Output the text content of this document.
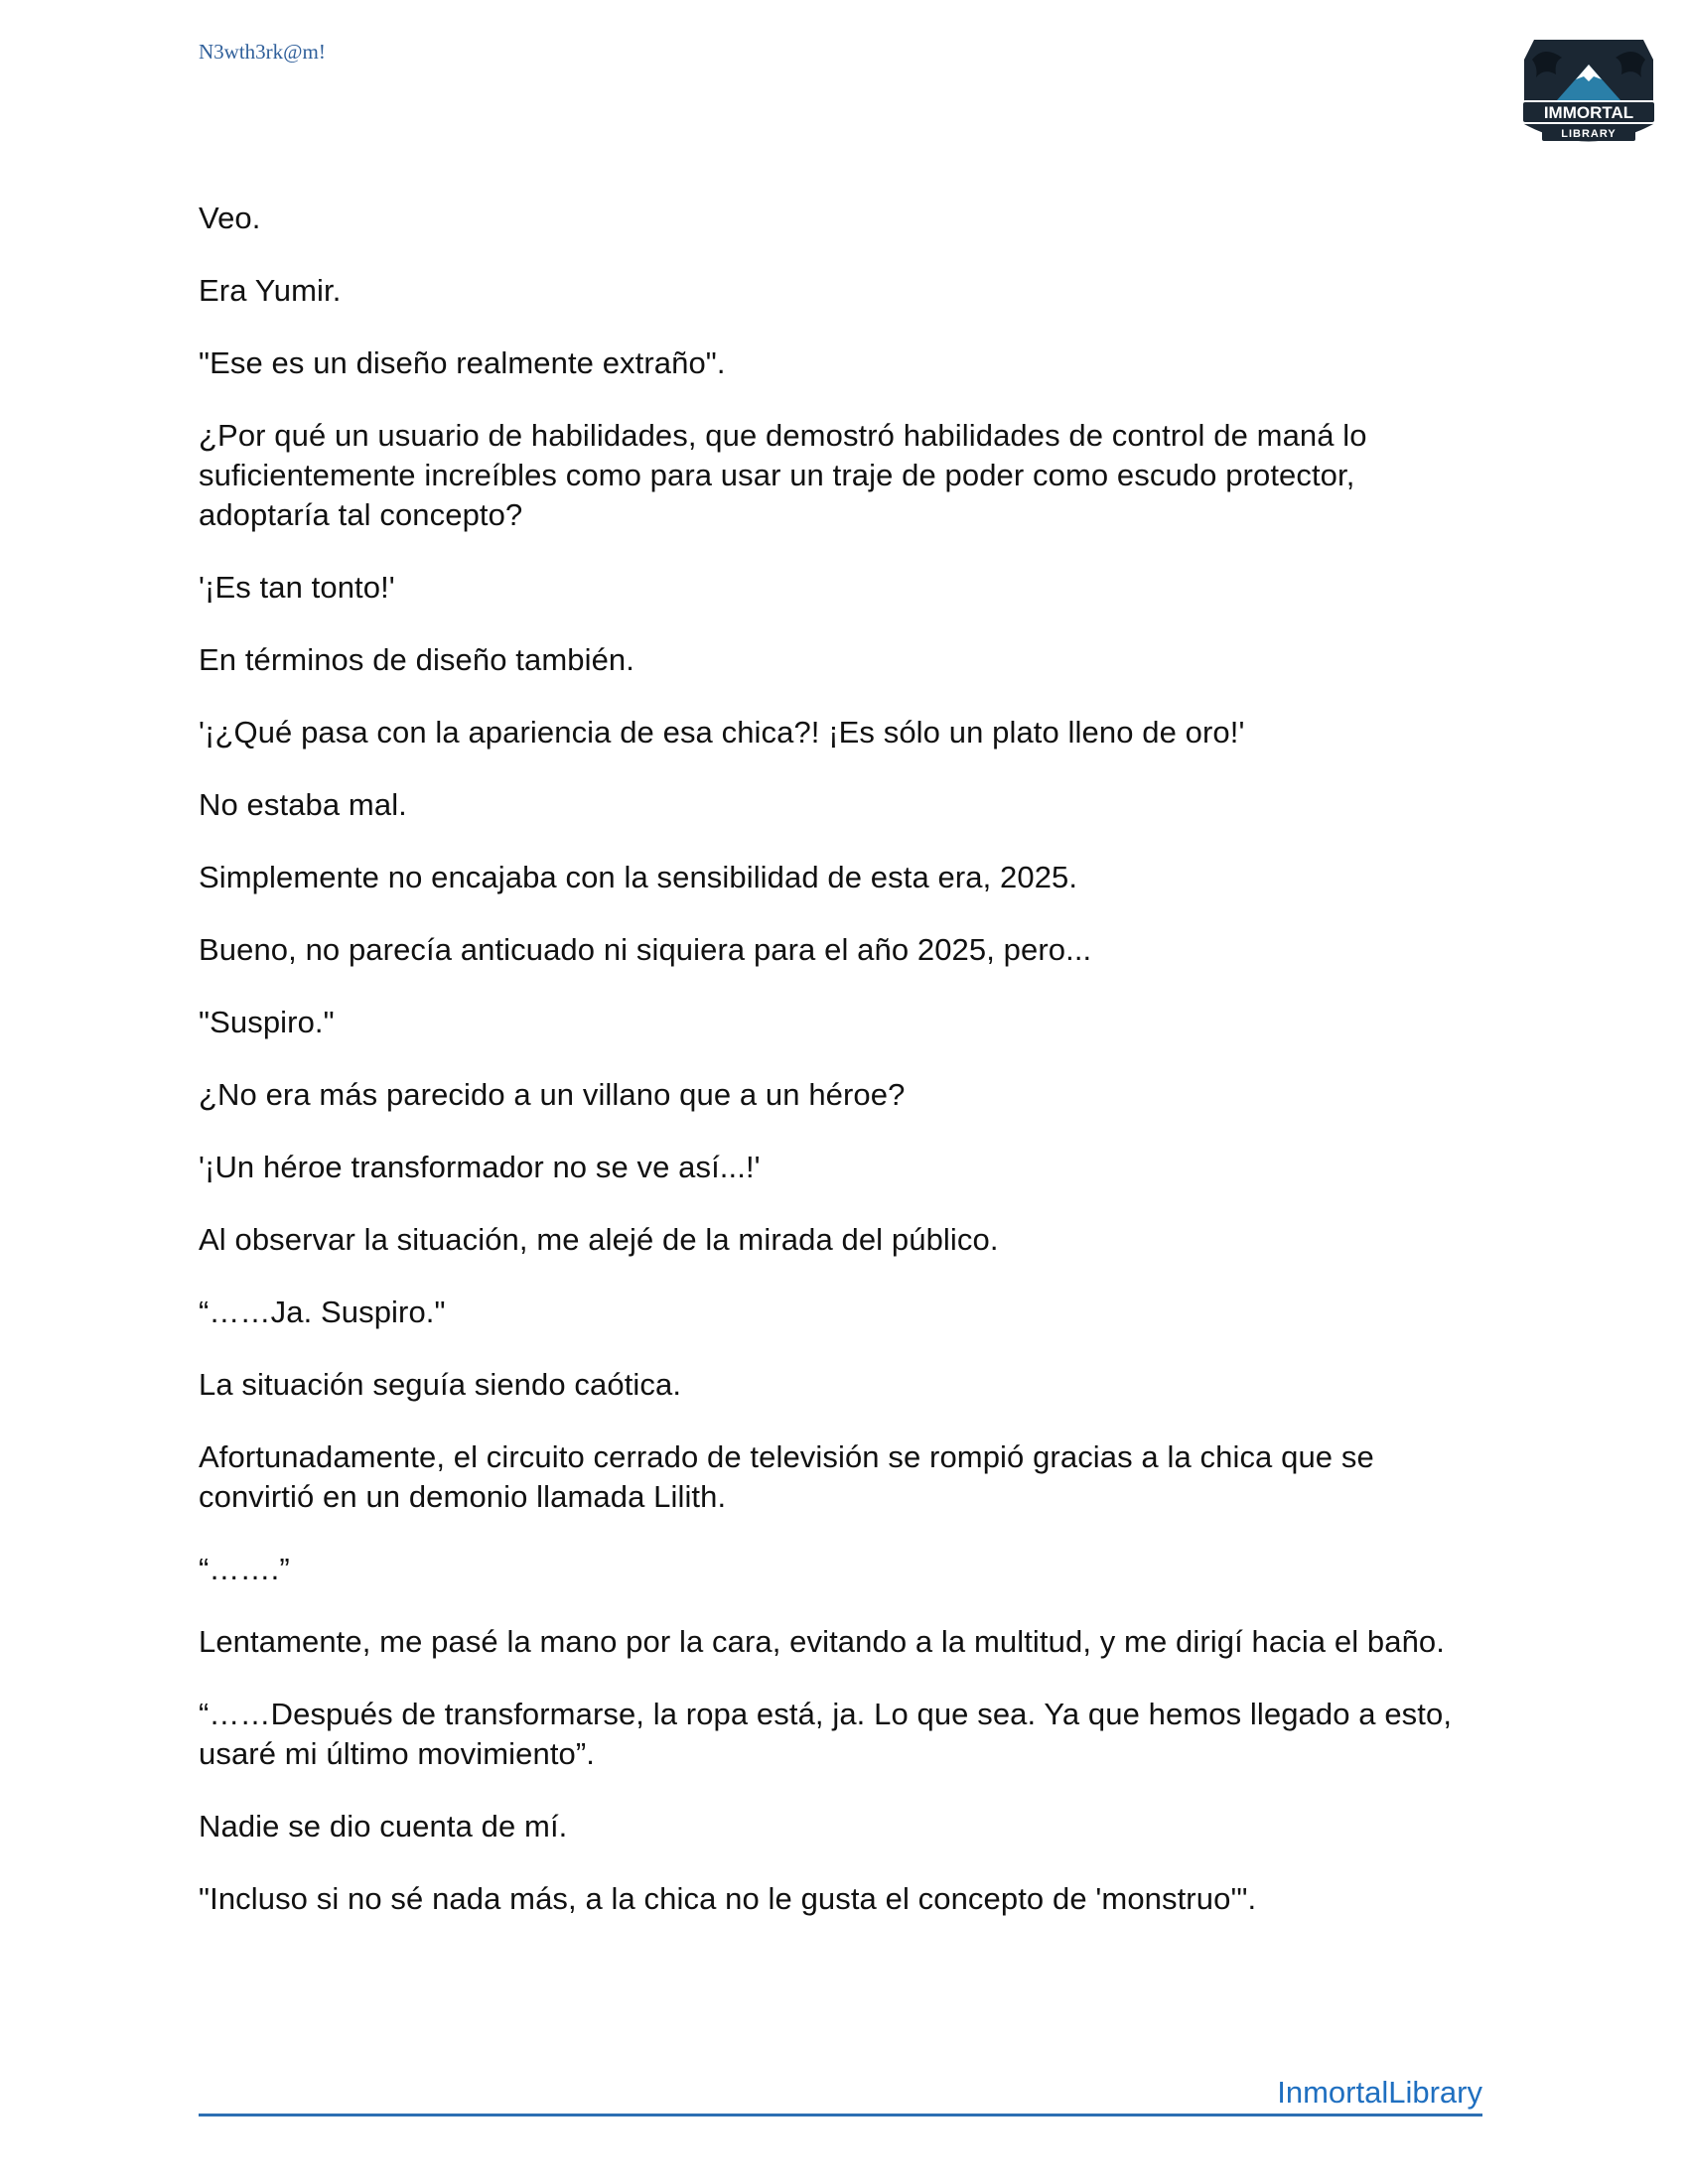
N3wth3rk@m!
IMMORTAL
LIBRARY

Veo.

Era Yumir.

"Ese es un diseño realmente extraño".

¿Por qué un usuario de habilidades, que demostró habilidades de control de maná lo suficientemente increíbles como para usar un traje de poder como escudo protector, adoptaría tal concepto?

'¡Es tan tonto!'

En términos de diseño también.

'¡¿Qué pasa con la apariencia de esa chica?! ¡Es sólo un plato lleno de oro!'

No estaba mal.

Simplemente no encajaba con la sensibilidad de esta era, 2025.

Bueno, no parecía anticuado ni siquiera para el año 2025, pero...

"Suspiro."

¿No era más parecido a un villano que a un héroe?

'¡Un héroe transformador no se ve así...!'

Al observar la situación, me alejé de la mirada del público.

“……Ja. Suspiro."

La situación seguía siendo caótica.

Afortunadamente, el circuito cerrado de televisión se rompió gracias a la chica que se convirtió en un demonio llamada Lilith.

“…….”

Lentamente, me pasé la mano por la cara, evitando a la multitud, y me dirigí hacia el baño.

“……Después de transformarse, la ropa está, ja. Lo que sea. Ya que hemos llegado a esto, usaré mi último movimiento”.

Nadie se dio cuenta de mí.

"Incluso si no sé nada más, a la chica no le gusta el concepto de 'monstruo'".

InmortalLibrary
